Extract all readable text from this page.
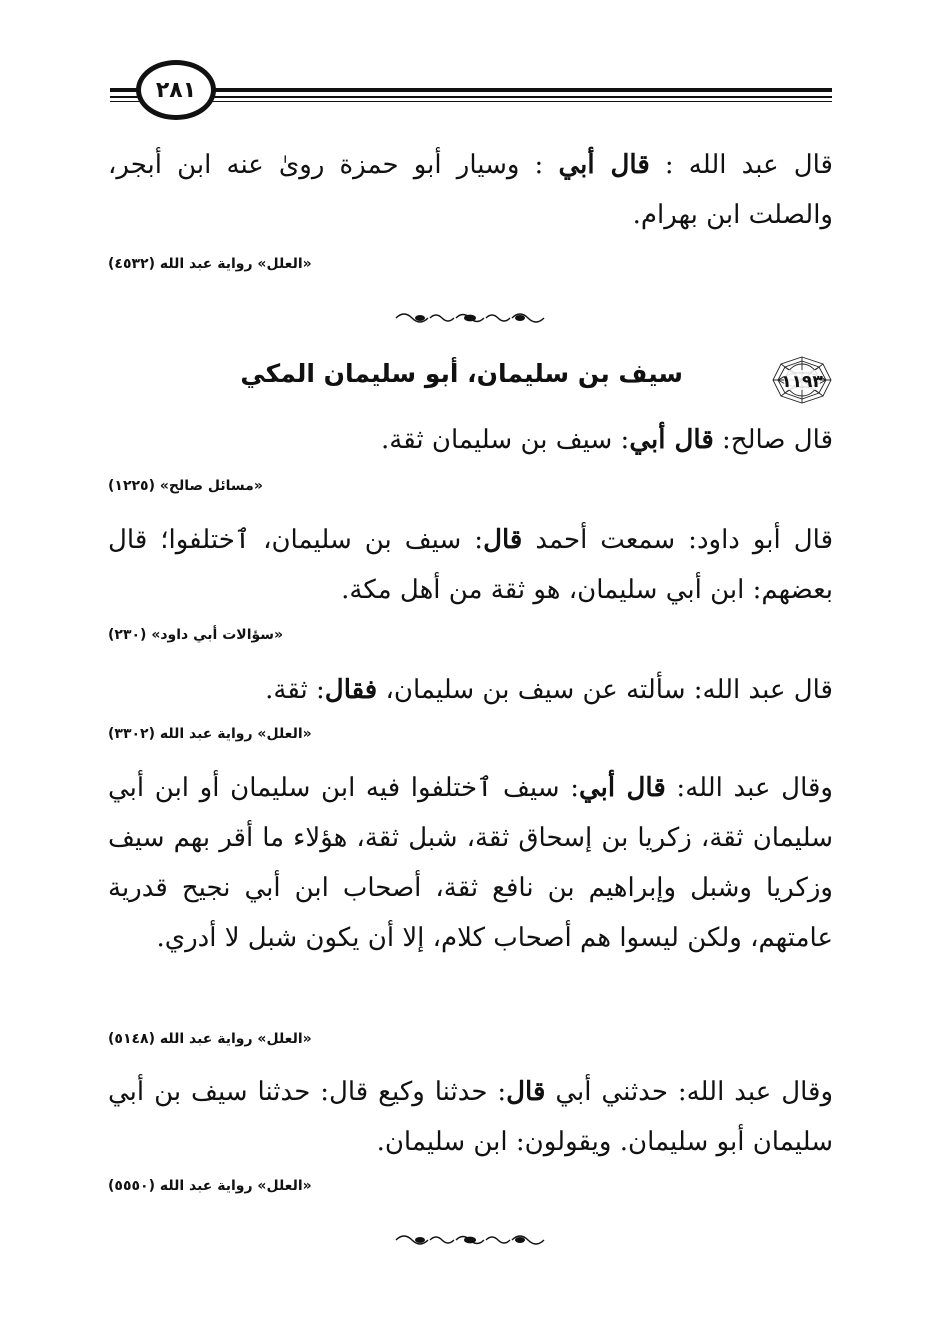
٢٨١

قال عبد الله : قال أبي : وسيار أبو حمزة روىٰ عنه ابن أبجر، والصلت ابن بهرام.

«العلل» رواية عبد الله (٤٥٣٢)
١١٩٣
سيف بن سليمان، أبو سليمان المكي

قال صالح: قال أبي: سيف بن سليمان ثقة.

«مسائل صالح» (١٢٢٥)

قال أبو داود: سمعت أحمد قال: سيف بن سليمان، ٱختلفوا؛ قال بعضهم: ابن أبي سليمان، هو ثقة من أهل مكة.

«سؤالات أبي داود» (٢٣٠)

قال عبد الله: سألته عن سيف بن سليمان، فقال: ثقة.

«العلل» رواية عبد الله (٣٣٠٢)

وقال عبد الله: قال أبي: سيف ٱختلفوا فيه ابن سليمان أو ابن أبي سليمان ثقة، زكريا بن إسحاق ثقة، شبل ثقة، هؤلاء ما أقر بهم سيف وزكريا وشبل وإبراهيم بن نافع ثقة، أصحاب ابن أبي نجيح قدرية عامتهم، ولكن ليسوا هم أصحاب كلام، إلا أن يكون شبل لا أدري.

«العلل» رواية عبد الله (٥١٤٨)

وقال عبد الله: حدثني أبي قال: حدثنا وكيع قال: حدثنا سيف بن أبي سليمان أبو سليمان. ويقولون: ابن سليمان.

«العلل» رواية عبد الله (٥٥٥٠)
